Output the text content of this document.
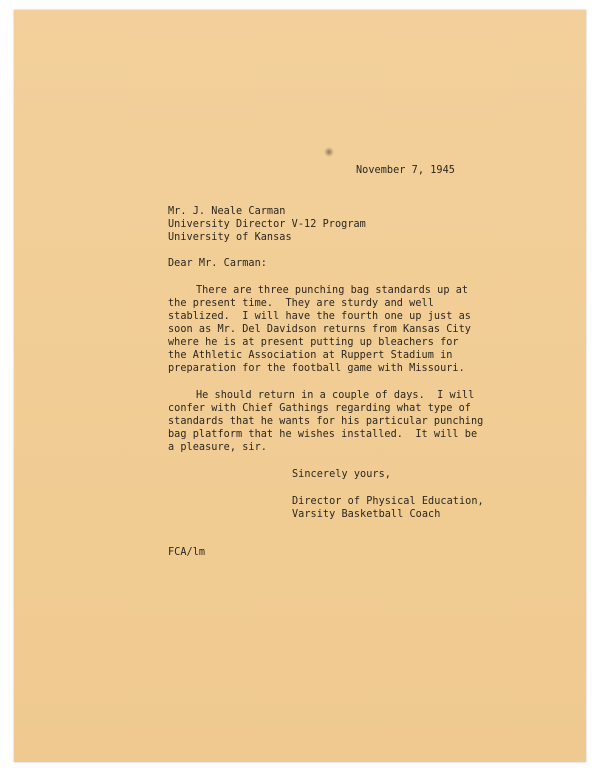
November 7, 1945
Mr. J. Neale Carman
University Director V-12 Program
University of Kansas
Dear Mr. Carman:
There are three punching bag standards up at
the present time.  They are sturdy and well
stablized.  I will have the fourth one up just as
soon as Mr. Del Davidson returns from Kansas City
where he is at present putting up bleachers for
the Athletic Association at Ruppert Stadium in
preparation for the football game with Missouri.
He should return in a couple of days.  I will
confer with Chief Gathings regarding what type of
standards that he wants for his particular punching
bag platform that he wishes installed.  It will be
a pleasure, sir.
Sincerely yours,
Director of Physical Education,
Varsity Basketball Coach
FCA/lm
